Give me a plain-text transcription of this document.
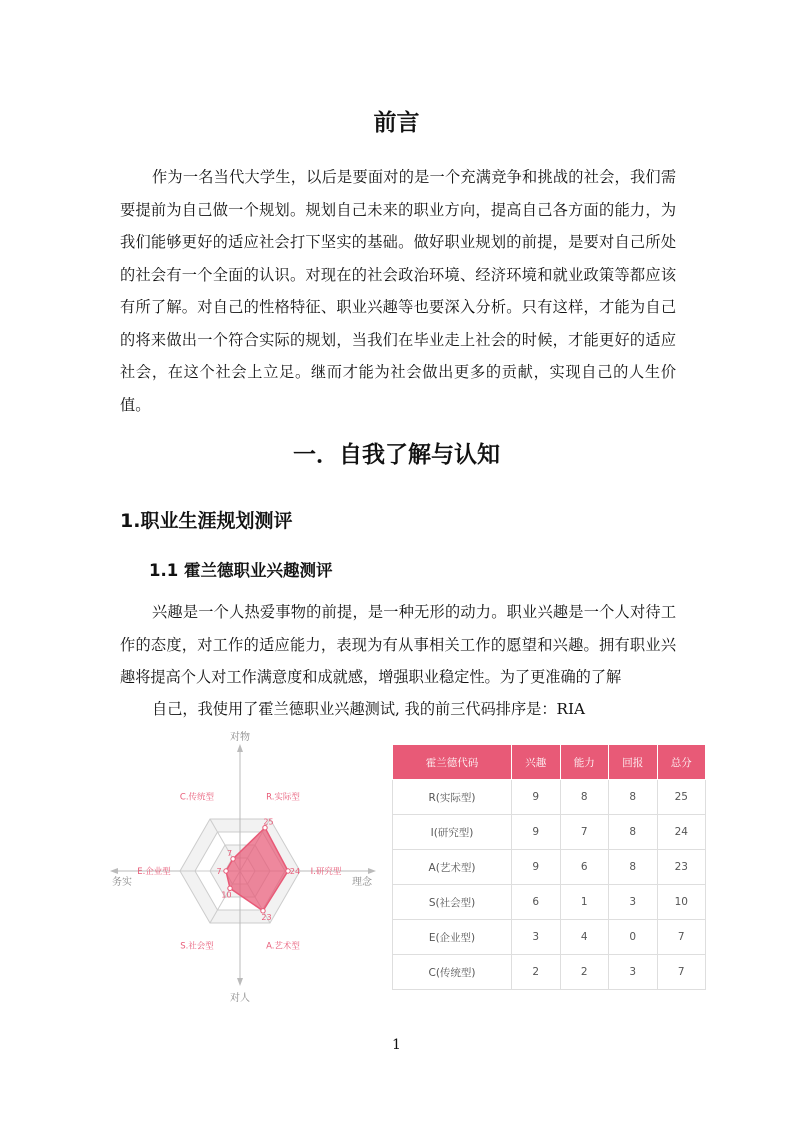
前言

作为一名当代大学生，以后是要面对的是一个充满竞争和挑战的社会，我们需要提前为自己做一个规划。规划自己未来的职业方向，提高自己各方面的能力，为我们能够更好的适应社会打下坚实的基础。做好职业规划的前提，是要对自己所处的社会有一个全面的认识。对现在的社会政治环境、经济环境和就业政策等都应该有所了解。对自己的性格特征、职业兴趣等也要深入分析。只有这样，才能为自己的将来做出一个符合实际的规划，当我们在毕业走上社会的时候，才能更好的适应社会，在这个社会上立足。继而才能为社会做出更多的贡献，实现自己的人生价值。

一．自我了解与认知
1.职业生涯规划测评
1.1 霍兰德职业兴趣测评

兴趣是一个人热爱事物的前提，是一种无形的动力。职业兴趣是一个人对待工作的态度，对工作的适应能力，表现为有从事相关工作的愿望和兴趣。拥有职业兴趣将提高个人对工作满意度和成就感，增强职业稳定性。为了更准确的了解

自己，我使用了霍兰德职业兴趣测试, 我的前三代码排序是：RIA

25
24
23
10
7
7
R.实际型
I.研究型
A.艺术型
S.社会型
E.企业型
C.传统型
对物
对人
务实	理念
霍兰德代码	兴趣	能力	回报	总分
R(实际型)	9	8	8	25
I(研究型)	9	7	8	24
A(艺术型)	9	6	8	23
S(社会型)	6	1	3	10
E(企业型)	3	4	0	7
C(传统型)	2	2	3	7
1
